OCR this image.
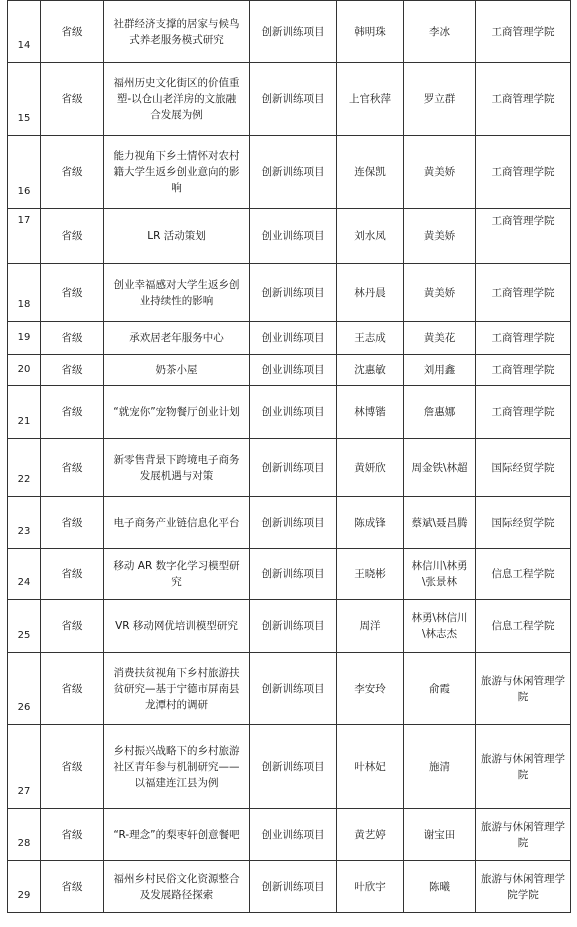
14	省级	社群经济支撑的居家与候鸟式养老服务模式研究	创新训练项目	韩明珠	李冰	工商管理学院
15	省级	福州历史文化街区的价值重塑-以仓山老洋房的文旅融合发展为例	创新训练项目	上官秋萍	罗立群	工商管理学院
16	省级	能力视角下乡土情怀对农村籍大学生返乡创业意向的影响	创新训练项目	连保凯	黄美娇	工商管理学院
17	省级	LR 活动策划	创业训练项目	刘水凤	黄美娇	工商管理学院
18	省级	创业幸福感对大学生返乡创业持续性的影响	创新训练项目	林丹晨	黄美娇	工商管理学院
19	省级	承欢居老年服务中心	创业训练项目	王志成	黄美花	工商管理学院
20	省级	奶茶小屋	创业训练项目	沈惠敏	刘用鑫	工商管理学院
21	省级	“就宠你”宠物餐厅创业计划	创业训练项目	林博锴	詹惠娜	工商管理学院
22	省级	新零售背景下跨境电子商务发展机遇与对策	创新训练项目	黄妍欣	周金铁\林超	国际经贸学院
23	省级	电子商务产业链信息化平台	创新训练项目	陈成锋	蔡斌\聂昌腾	国际经贸学院
24	省级	移动 AR 数字化学习模型研究	创新训练项目	王晓彬	林信川\林勇\张景林	信息工程学院
25	省级	VR 移动网优培训模型研究	创新训练项目	周洋	林勇\林信川\林志杰	信息工程学院
26	省级	消费扶贫视角下乡村旅游扶贫研究—基于宁德市屏南县龙潭村的调研	创新训练项目	李安玲	俞霞	旅游与休闲管理学院
27	省级	乡村振兴战略下的乡村旅游社区青年参与机制研究——以福建连江县为例	创新训练项目	叶林妃	施清	旅游与休闲管理学院
28	省级	“R-理念”的梨枣轩创意餐吧	创业训练项目	黄艺婷	谢宝田	旅游与休闲管理学院
29	省级	福州乡村民俗文化资源整合及发展路径探索	创新训练项目	叶欣宇	陈曦	旅游与休闲管理学院学院
